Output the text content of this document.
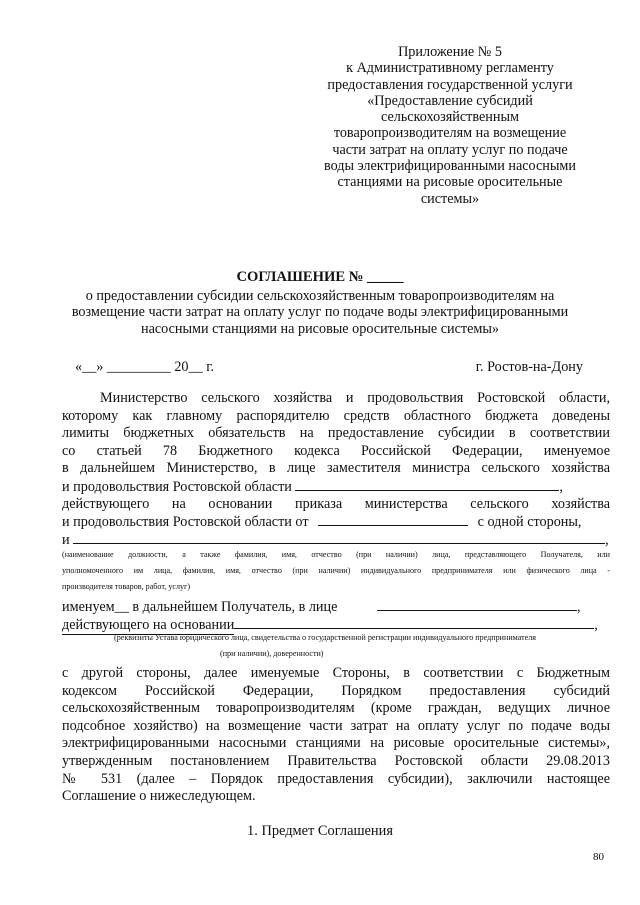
Приложение № 5
к Административному регламенту
предоставления государственной услуги
«Предоставление субсидий
сельскохозяйственным
товаропроизводителям на возмещение
части затрат на оплату услуг по подаче
воды электрифицированными насосными
станциями на рисовые оросительные
системы»
СОГЛАШЕНИЕ № _____
о предоставлении субсидии сельскохозяйственным товаропроизводителям на
возмещение части затрат на оплату услуг по подаче воды электрифицированными
насосными станциями на рисовые оросительные системы»
«__» _________ 20__ г.	г. Ростов-на-Дону
Министерство сельского хозяйства и продовольствия Ростовской области,
которому как главному распорядителю средств областного бюджета доведены
лимиты бюджетных обязательств на предоставление субсидии в соответствии
со статьей 78 Бюджетного кодекса Российской Федерации, именуемое
в дальнейшем Министерство, в лице заместителя министра сельского хозяйства
и продовольствия Ростовской области	,
действующего на основании приказа министерства сельского хозяйства
и продовольствия Ростовской области от	с одной стороны,
и	,
(наименование должности, а также фамилия, имя, отчество (при наличии) лица, представляющего Получателя, или
уполномоченного им лица, фамилия, имя, отчество (при наличии) индивидуального предпринимателя или физического лица -
производителя товаров, работ, услуг)
именуем__ в дальнейшем Получатель, в лице	,
действующего на основании	,
(реквизиты Устава юридического лица, свидетельства о государственной регистрации индивидуального предпринимателя
(при наличии), доверенности)
с другой стороны, далее именуемые Стороны, в соответствии с Бюджетным
кодексом Российской Федерации, Порядком предоставления субсидий
сельскохозяйственным товаропроизводителям (кроме граждан, ведущих личное
подсобное хозяйство) на возмещение части затрат на оплату услуг по подаче воды
электрифицированными насосными станциями на рисовые оросительные системы»,
утвержденным постановлением Правительства Ростовской области 29.08.2013
№ 531 (далее – Порядок предоставления субсидии), заключили настоящее
Соглашение о нижеследующем.
1. Предмет Соглашения
80
